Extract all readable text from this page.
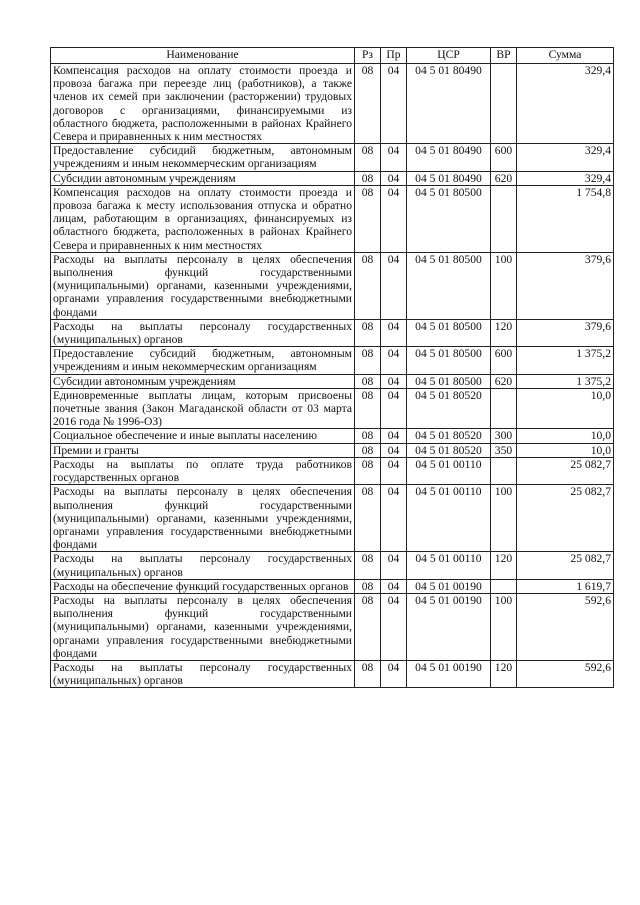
Наименование	Рз	Пр	ЦСР	ВР	Сумма
Компенсация расходов на оплату стоимости проезда и провоза багажа при переезде лиц (работников), а также членов их семей при заключении (расторжении) трудовых договоров с организациями, финансируемыми из областного бюджета, расположенными в районах Крайнего Севера и приравненных к ним местностях	08	04	04 5 01 80490		329,4
Предоставление субсидий бюджетным, автономным учреждениям и иным некоммерческим организациям	08	04	04 5 01 80490	600	329,4
Субсидии автономным учреждениям	08	04	04 5 01 80490	620	329,4
Компенсация расходов на оплату стоимости проезда и провоза багажа к месту использования отпуска и обратно лицам, работающим в организациях, финансируемых из областного бюджета, расположенных в районах Крайнего Севера и приравненных к ним местностях	08	04	04 5 01 80500		1 754,8
Расходы на выплаты персоналу в целях обеспечения выполнения функций государственными (муниципальными) органами, казенными учреждениями, органами управления государственными внебюджетными фондами	08	04	04 5 01 80500	100	379,6
Расходы на выплаты персоналу государственных (муниципальных) органов	08	04	04 5 01 80500	120	379,6
Предоставление субсидий бюджетным, автономным учреждениям и иным некоммерческим организациям	08	04	04 5 01 80500	600	1 375,2
Субсидии автономным учреждениям	08	04	04 5 01 80500	620	1 375,2
Единовременные выплаты лицам, которым присвоены почетные звания (Закон Магаданской области от 03 марта 2016 года № 1996-ОЗ)	08	04	04 5 01 80520		10,0
Социальное обеспечение и иные выплаты населению	08	04	04 5 01 80520	300	10,0
Премии и гранты	08	04	04 5 01 80520	350	10,0
Расходы на выплаты по оплате труда работников государственных органов	08	04	04 5 01 00110		25 082,7
Расходы на выплаты персоналу в целях обеспечения выполнения функций государственными (муниципальными) органами, казенными учреждениями, органами управления государственными внебюджетными фондами	08	04	04 5 01 00110	100	25 082,7
Расходы на выплаты персоналу государственных (муниципальных) органов	08	04	04 5 01 00110	120	25 082,7
Расходы на обеспечение функций государственных органов	08	04	04 5 01 00190		1 619,7
Расходы на выплаты персоналу в целях обеспечения выполнения функций государственными (муниципальными) органами, казенными учреждениями, органами управления государственными внебюджетными фондами	08	04	04 5 01 00190	100	592,6
Расходы на выплаты персоналу государственных (муниципальных) органов	08	04	04 5 01 00190	120	592,6
